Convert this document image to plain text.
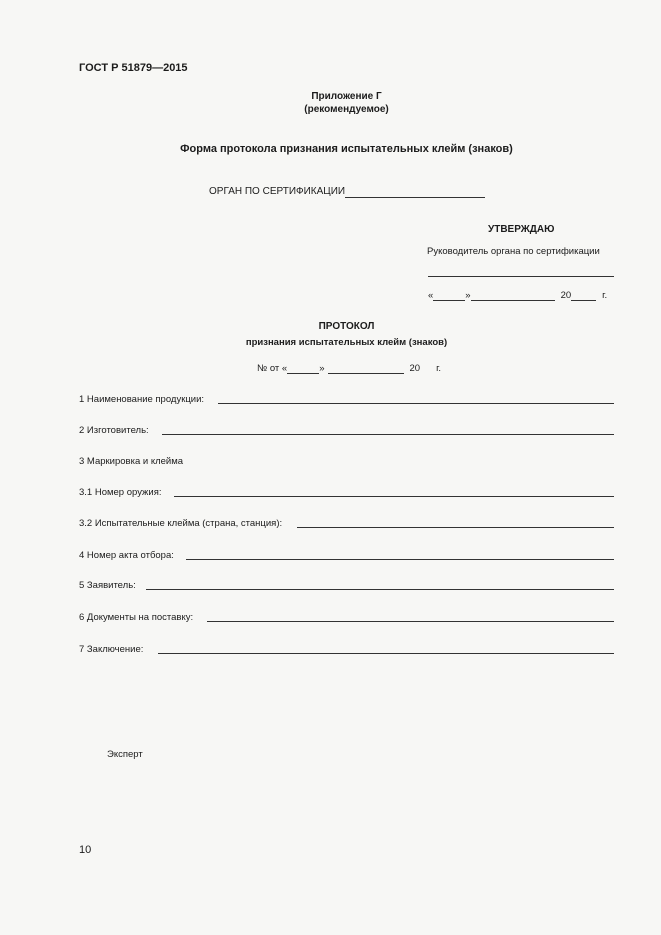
ГОСТ Р 51879—2015
Приложение Г
(рекомендуемое)
Форма протокола признания испытательных клейм (знаков)
ОРГАН ПО СЕРТИФИКАЦИИ
УТВЕРЖДАЮ
Руководитель органа по сертификации
«	»	20	г.
ПРОТОКОЛ
признания испытательных клейм (знаков)
№ от «	»	20 г.
1 Наименование продукции:
2 Изготовитель:
3 Маркировка и клейма
3.1 Номер оружия:
3.2 Испытательные клейма (страна, станция):
4 Номер акта отбора:
5 Заявитель:
6 Документы на поставку:
7 Заключение:
Эксперт
10
